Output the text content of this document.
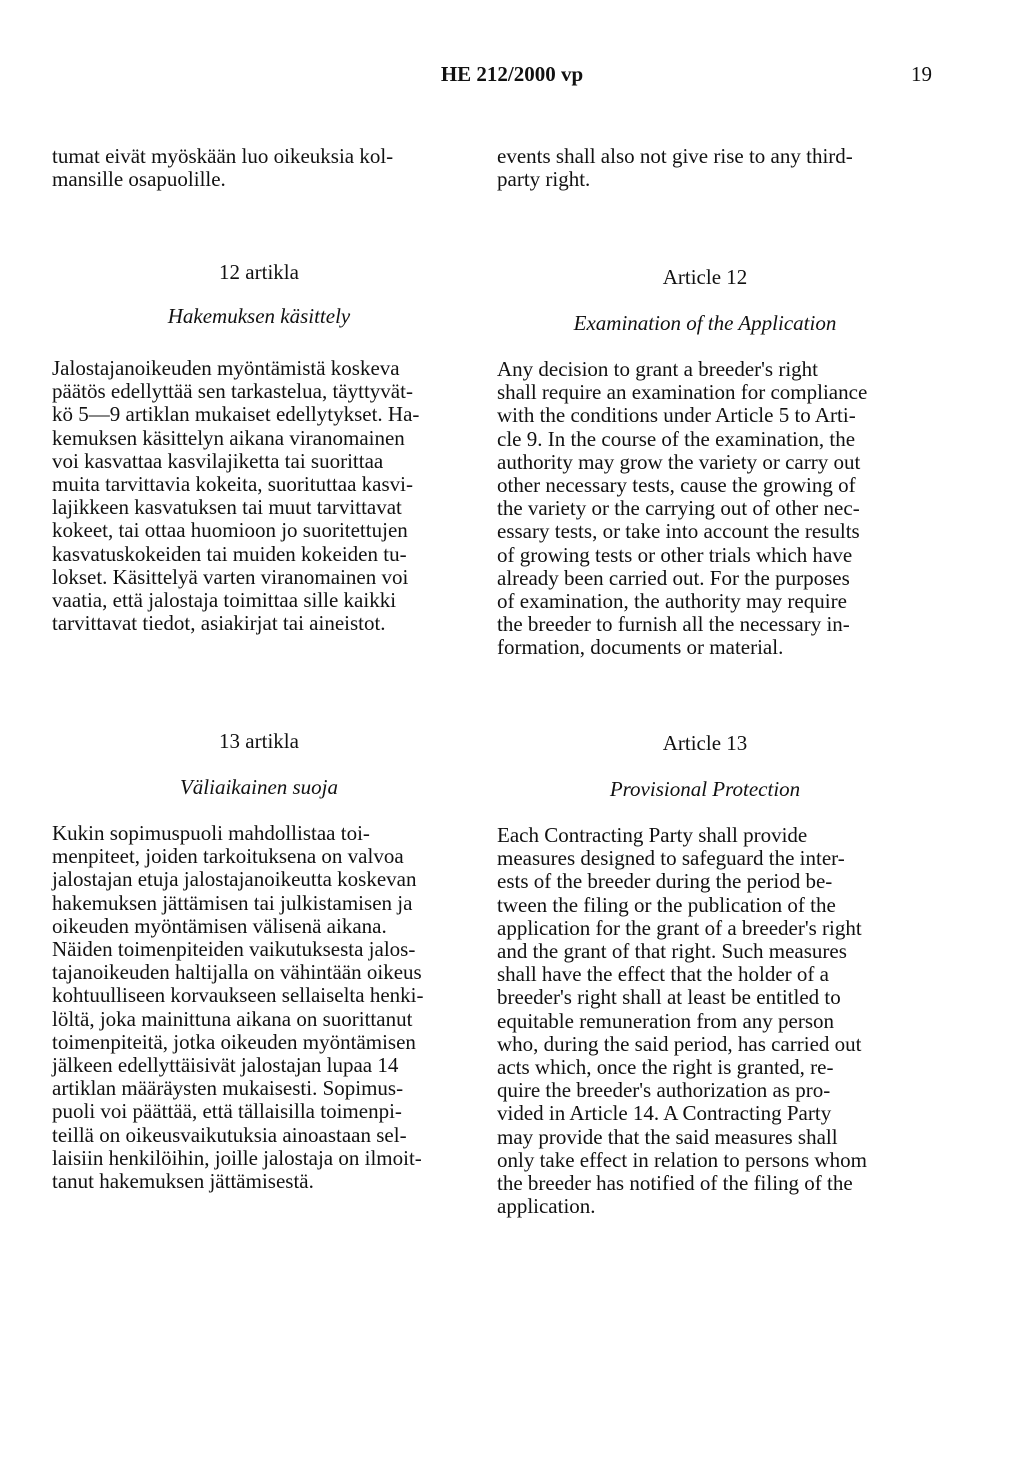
HE 212/2000 vp	19

tumat eivät myöskään luo oikeuksia kol-
mansille osapuolille.

events shall also not give rise to any third-
party right.

12 artikla	Article 12
Hakemuksen käsittely	Examination of the Application

Jalostajanoikeuden myöntämistä koskeva
päätös edellyttää sen tarkastelua, täyttyvät-
kö 5—9 artiklan mukaiset edellytykset. Ha-
kemuksen käsittelyn aikana viranomainen
voi kasvattaa kasvilajiketta tai suorittaa
muita tarvittavia kokeita, suorituttaa kasvi-
lajikkeen kasvatuksen tai muut tarvittavat
kokeet, tai ottaa huomioon jo suoritettujen
kasvatuskokeiden tai muiden kokeiden tu-
lokset. Käsittelyä varten viranomainen voi
vaatia, että jalostaja toimittaa sille kaikki
tarvittavat tiedot, asiakirjat tai aineistot.

Any decision to grant a breeder's right
shall require an examination for compliance
with the conditions under Article 5 to Arti-
cle 9. In the course of the examination, the
authority may grow the variety or carry out
other necessary tests, cause the growing of
the variety or the carrying out of other nec-
essary tests, or take into account the results
of growing tests or other trials which have
already been carried out. For the purposes
of examination, the authority may require
the breeder to furnish all the necessary in-
formation, documents or material.

13 artikla	Article 13
Väliaikainen suoja	Provisional Protection

Kukin sopimuspuoli mahdollistaa toi-
menpiteet, joiden tarkoituksena on valvoa
jalostajan etuja jalostajanoikeutta koskevan
hakemuksen jättämisen tai julkistamisen ja
oikeuden myöntämisen välisenä aikana.
Näiden toimenpiteiden vaikutuksesta jalos-
tajanoikeuden haltijalla on vähintään oikeus
kohtuulliseen korvaukseen sellaiselta henki-
löltä, joka mainittuna aikana on suorittanut
toimenpiteitä, jotka oikeuden myöntämisen
jälkeen edellyttäisivät jalostajan lupaa 14
artiklan määräysten mukaisesti. Sopimus-
puoli voi päättää, että tällaisilla toimenpi-
teillä on oikeusvaikutuksia ainoastaan sel-
laisiin henkilöihin, joille jalostaja on ilmoit-
tanut hakemuksen jättämisestä.

Each Contracting Party shall provide
measures designed to safeguard the inter-
ests of the breeder during the period be-
tween the filing or the publication of the
application for the grant of a breeder's right
and the grant of that right. Such measures
shall have the effect that the holder of a
breeder's right shall at least be entitled to
equitable remuneration from any person
who, during the said period, has carried out
acts which, once the right is granted, re-
quire the breeder's authorization as pro-
vided in Article 14. A Contracting Party
may provide that the said measures shall
only take effect in relation to persons whom
the breeder has notified of the filing of the
application.
